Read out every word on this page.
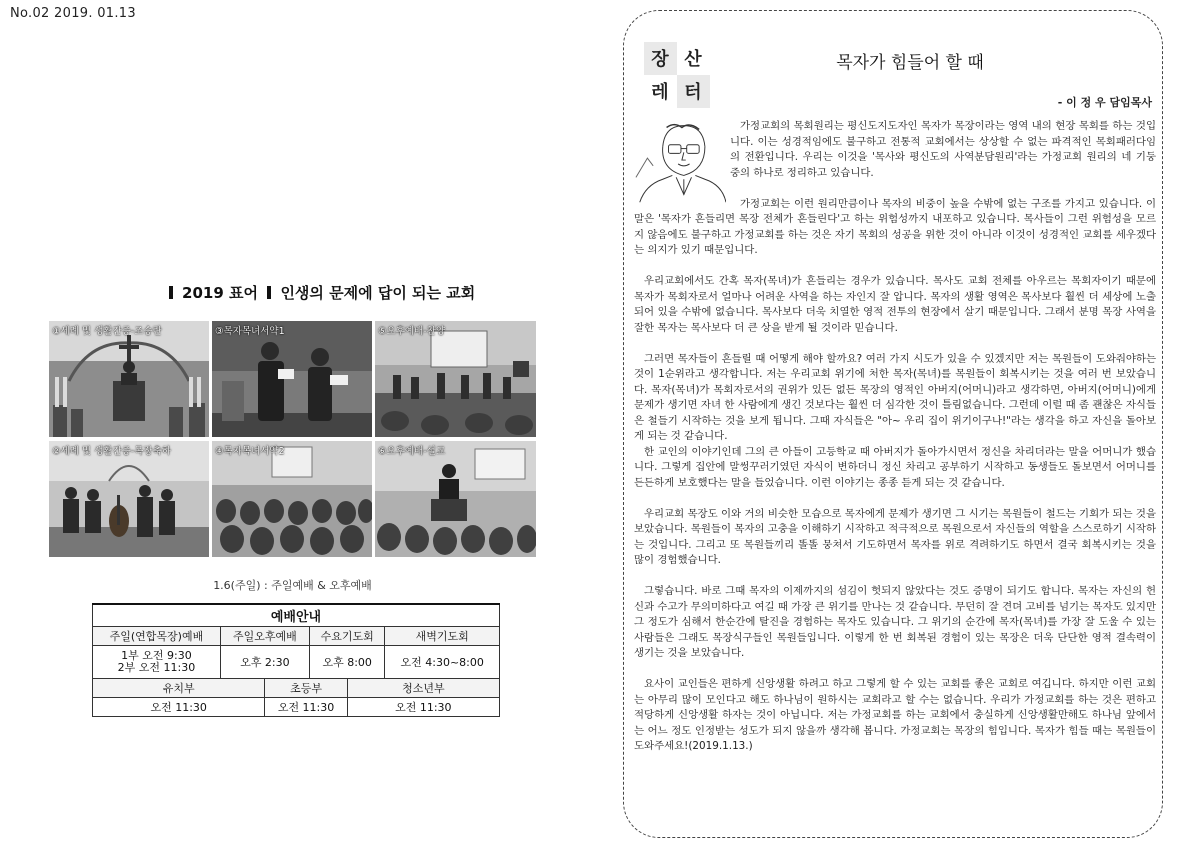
No.02 2019. 01.13
2019 표어 인생의 문제에 답이 되는 교회
①세례 및 생활간증-조승란	③목자목녀서약1	⑤오후예배-찬양
②세례 및 생활간증-목장축하	④목자목녀서약2	⑥오후예배-설교
1.6(주일) : 주일예배 & 오후예배
예배안내					
주일(연합목장)예배	주일오후예배		수요기도회		새벽기도회

1부 오전 9:30
2부 오전 11:30	오후 2:30		오후 8:00		오전 4:30~8:00
유치부		초등부		청소년부	
오전 11:30		오전 11:30		오전 11:30	
장 산
레 터
목자가 힘들어 할 때
- 이 정 우 담임목사

가정교회의 목회원리는 평신도지도자인 목자가 목장이라는 영역 내의 현장 목회를 하는 것입니다. 이는 성경적임에도 불구하고 전통적 교회에서는 상상할 수 없는 파격적인 목회패러다임의 전환입니다. 우리는 이것을 '목사와 평신도의 사역분담원리'라는 가정교회 원리의 네 기둥 중의 하나로 정리하고 있습니다.

가정교회는 이런 원리만큼이나 목자의 비중이 높을 수밖에 없는 구조를 가지고 있습니다. 이 말은 '목자가 흔들리면 목장 전체가 흔들린다'고 하는 위험성까지 내포하고 있습니다. 목사들이 그런 위험성을 모르지 않음에도 불구하고 가정교회를 하는 것은 자기 목회의 성공을 위한 것이 아니라 이것이 성경적인 교회를 세우겠다는 의지가 있기 때문입니다.

우리교회에서도 간혹 목자(목녀)가 흔들리는 경우가 있습니다. 목사도 교회 전체를 아우르는 목회자이기 때문에 목자가 목회자로서 얼마나 어려운 사역을 하는 자인지 잘 압니다. 목자의 생활 영역은 목사보다 훨씬 더 세상에 노출되어 있을 수밖에 없습니다. 목사보다 더욱 치열한 영적 전투의 현장에서 살기 때문입니다. 그래서 분명 목장 사역을 잘한 목자는 목사보다 더 큰 상을 받게 될 것이라 믿습니다.

그러면 목자들이 흔들릴 때 어떻게 해야 할까요? 여러 가지 시도가 있을 수 있겠지만 저는 목원들이 도와줘야하는 것이 1순위라고 생각합니다. 저는 우리교회 위기에 처한 목자(목녀)를 목원들이 회복시키는 것을 여러 번 보았습니다. 목자(목녀)가 목회자로서의 권위가 있든 없든 목장의 영적인 아버지(어머니)라고 생각하면, 아버지(어머니)에게 문제가 생기면 자녀 한 사람에게 생긴 것보다는 훨씬 더 심각한 것이 틀림없습니다. 그런데 이럴 때 좀 괜찮은 자식들은 철들기 시작하는 것을 보게 됩니다. 그때 자식들은 "아~ 우리 집이 위기이구나!"라는 생각을 하고 자신을 돌아보게 되는 것 같습니다.

한 교인의 이야기인데 그의 큰 아들이 고등학교 때 아버지가 돌아가시면서 정신을 차리더라는 말을 어머니가 했습니다. 그렇게 집안에 말썽꾸러기였던 자식이 변하더니 정신 차리고 공부하기 시작하고 동생들도 돌보면서 어머니를 든든하게 보호했다는 말을 들었습니다. 이런 이야기는 종종 듣게 되는 것 같습니다.

우리교회 목장도 이와 거의 비슷한 모습으로 목자에게 문제가 생기면 그 시기는 목원들이 철드는 기회가 되는 것을 보았습니다. 목원들이 목자의 고충을 이해하기 시작하고 적극적으로 목원으로서 자신들의 역할을 스스로하기 시작하는 것입니다. 그리고 또 목원들끼리 똘똘 뭉쳐서 기도하면서 목자를 위로 격려하기도 하면서 결국 회복시키는 것을 많이 경험했습니다.

그렇습니다. 바로 그때 목자의 이제까지의 섬김이 헛되지 않았다는 것도 증명이 되기도 합니다. 목자는 자신의 헌신과 수고가 무의미하다고 여길 때 가장 큰 위기를 만나는 것 같습니다. 무던히 잘 견뎌 고비를 넘기는 목자도 있지만 그 정도가 심해서 한순간에 탈진을 경험하는 목자도 있습니다. 그 위기의 순간에 목자(목녀)를 가장 잘 도울 수 있는 사람들은 그래도 목장식구들인 목원들입니다. 이렇게 한 번 회복된 경험이 있는 목장은 더욱 단단한 영적 결속력이 생기는 것을 보았습니다.

요사이 교인들은 편하게 신앙생활 하려고 하고 그렇게 할 수 있는 교회를 좋은 교회로 여깁니다. 하지만 이런 교회는 아무리 많이 모인다고 해도 하나님이 원하시는 교회라고 할 수는 없습니다. 우리가 가정교회를 하는 것은 편하고 적당하게 신앙생활 하자는 것이 아닙니다. 저는 가정교회를 하는 교회에서 충실하게 신앙생활만해도 하나님 앞에서는 어느 정도 인정받는 성도가 되지 않을까 생각해 봅니다. 가정교회는 목장의 힘입니다. 목자가 힘들 때는 목원들이 도와주세요!(2019.1.13.)
